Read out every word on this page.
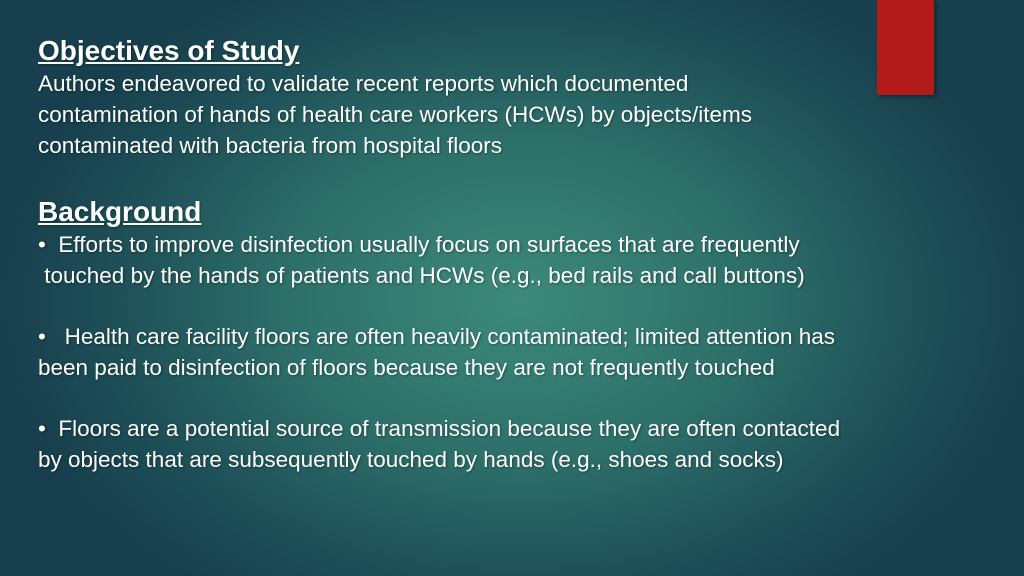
Objectives of Study

Authors endeavored to validate recent reports which documented

contamination of hands of health care workers (HCWs) by objects/items

contaminated with bacteria from hospital floors

Background

•  Efforts to improve disinfection usually focus on surfaces that are frequently

touched by the hands of patients and HCWs (e.g., bed rails and call buttons)

•   Health care facility floors are often heavily contaminated; limited attention has

been paid to disinfection of floors because they are not frequently touched

•  Floors are a potential source of transmission because they are often contacted

by objects that are subsequently touched by hands (e.g., shoes and socks)
